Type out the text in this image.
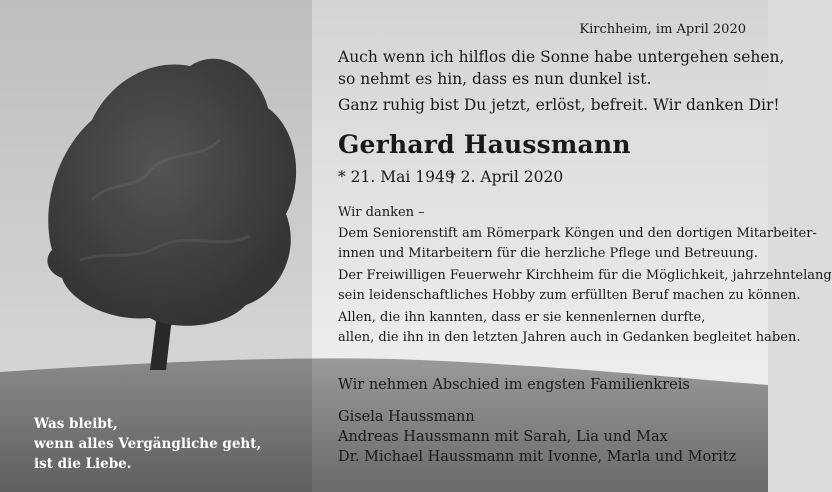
Kirchheim, im April 2020
Auch wenn ich hilflos die Sonne habe untergehen sehen,
so nehmt es hin, dass es nun dunkel ist.
Ganz ruhig bist Du jetzt, erlöst, befreit. Wir danken Dir!
Gerhard Haussmann
* 21. Mai 1949
† 2. April 2020
Wir danken –
Dem Seniorenstift am Römerpark Köngen und den dortigen Mitarbeiter-
innen und Mitarbeitern für die herzliche Pflege und Betreuung.
Der Freiwilligen Feuerwehr Kirchheim für die Möglichkeit, jahrzehntelang
sein leidenschaftliches Hobby zum erfüllten Beruf machen zu können.
Allen, die ihn kannten, dass er sie kennenlernen durfte,
allen, die ihn in den letzten Jahren auch in Gedanken begleitet haben.
Wir nehmen Abschied im engsten Familienkreis
Gisela Haussmann
Andreas Haussmann mit Sarah, Lia und Max
Dr. Michael Haussmann mit Ivonne, Marla und Moritz
Was bleibt,
wenn alles Vergängliche geht,
ist die Liebe.
